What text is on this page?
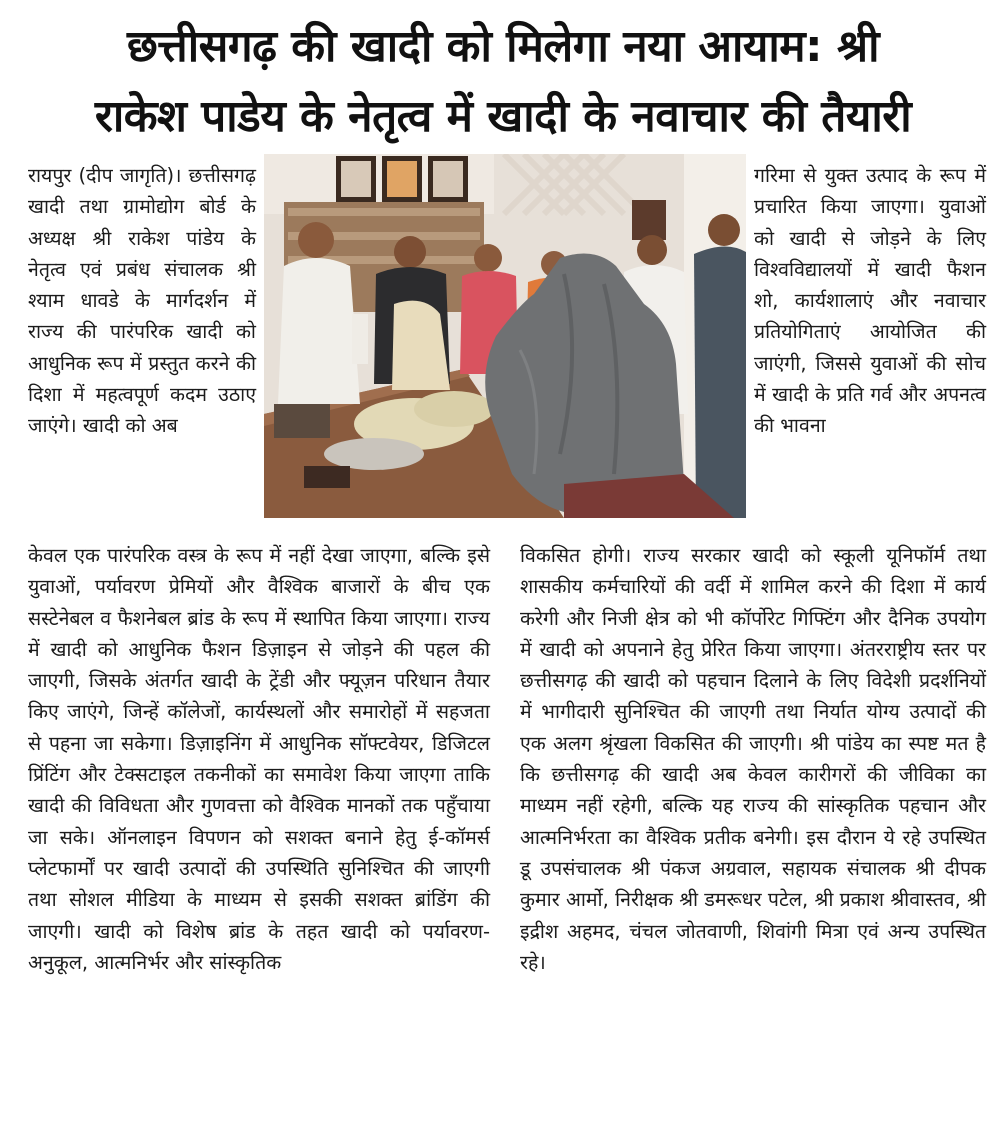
छत्तीसगढ़ की खादी को मिलेगा नया आयाम: श्री
राकेश पाडेय के नेतृत्व में खादी के नवाचार की तैयारी

रायपुर (दीप जागृति)। छत्तीसगढ़ खादी तथा ग्रामोद्योग बोर्ड के अध्यक्ष श्री राकेश पांडेय के नेतृत्व एवं प्रबंध संचालक श्री श्याम धावडे के मार्गदर्शन में राज्य की पारंपरिक खादी को आधुनिक रूप में प्रस्तुत करने की दिशा में महत्वपूर्ण कदम उठाए जाएंगे। खादी को अब

गरिमा से युक्त उत्पाद के रूप में प्रचारित किया जाएगा। युवाओं को खादी से जोड़ने के लिए विश्वविद्यालयों में खादी फैशन शो, कार्यशालाएं और नवाचार प्रतियोगिताएं आयोजित की जाएंगी, जिससे युवाओं की सोच में खादी के प्रति गर्व और अपनत्व की भावना

केवल एक पारंपरिक वस्त्र के रूप में नहीं देखा जाएगा, बल्कि इसे युवाओं, पर्यावरण प्रेमियों और वैश्विक बाजारों के बीच एक सस्टेनेबल व फैशनेबल ब्रांड के रूप में स्थापित किया जाएगा। राज्य में खादी को आधुनिक फैशन डिज़ाइन से जोड़ने की पहल की जाएगी, जिसके अंतर्गत खादी के ट्रेंडी और फ्यूज़न परिधान तैयार किए जाएंगे, जिन्हें कॉलेजों, कार्यस्थलों और समारोहों में सहजता से पहना जा सकेगा। डिज़ाइनिंग में आधुनिक सॉफ्टवेयर, डिजिटल प्रिंटिंग और टेक्सटाइल तकनीकों का समावेश किया जाएगा ताकि खादी की विविधता और गुणवत्ता को वैश्विक मानकों तक पहुँचाया जा सके। ऑनलाइन विपणन को सशक्त बनाने हेतु ई-कॉमर्स प्लेटफार्मों पर खादी उत्पादों की उपस्थिति सुनिश्चित की जाएगी तथा सोशल मीडिया के माध्यम से इसकी सशक्त ब्रांडिंग की जाएगी। खादी को विशेष ब्रांड के तहत खादी को पर्यावरण-अनुकूल, आत्मनिर्भर और सांस्कृतिक

विकसित होगी। राज्य सरकार खादी को स्कूली यूनिफॉर्म तथा शासकीय कर्मचारियों की वर्दी में शामिल करने की दिशा में कार्य करेगी और निजी क्षेत्र को भी कॉर्पोरेट गिफ्टिंग और दैनिक उपयोग में खादी को अपनाने हेतु प्रेरित किया जाएगा। अंतरराष्ट्रीय स्तर पर छत्तीसगढ़ की खादी को पहचान दिलाने के लिए विदेशी प्रदर्शनियों में भागीदारी सुनिश्चित की जाएगी तथा निर्यात योग्य उत्पादों की एक अलग श्रृंखला विकसित की जाएगी। श्री पांडेय का स्पष्ट मत है कि छत्तीसगढ़ की खादी अब केवल कारीगरों की जीविका का माध्यम नहीं रहेगी, बल्कि यह राज्य की सांस्कृतिक पहचान और आत्मनिर्भरता का वैश्विक प्रतीक बनेगी। इस दौरान ये रहे उपस्थित डू उपसंचालक श्री पंकज अग्रवाल, सहायक संचालक श्री दीपक कुमार आर्मो, निरीक्षक श्री डमरूधर पटेल, श्री प्रकाश श्रीवास्तव, श्री इद्रीश अहमद, चंचल जोतवाणी, शिवांगी मित्रा एवं अन्य उपस्थित रहे।
